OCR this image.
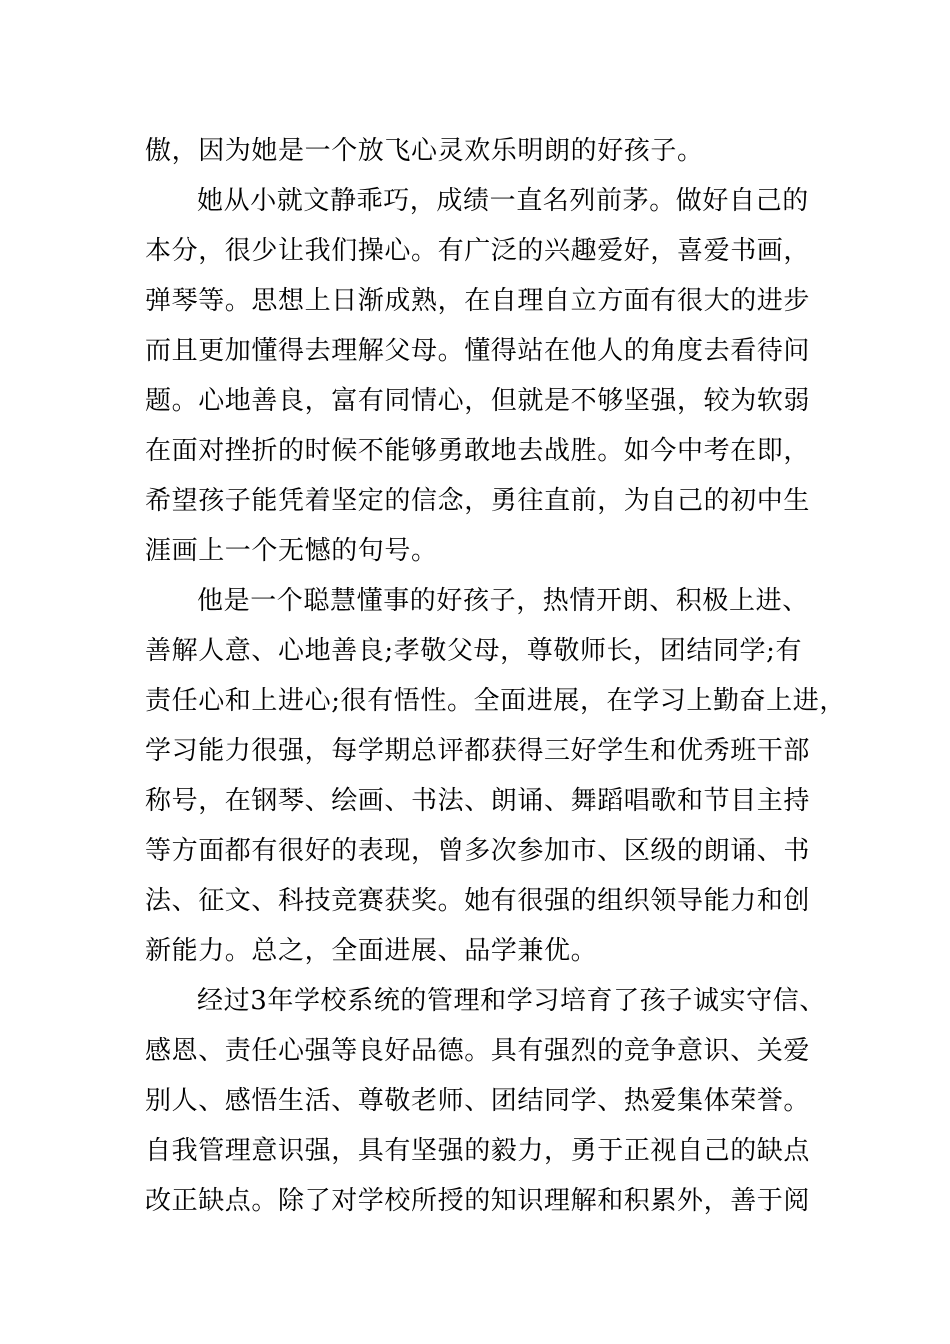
傲，因为她是一个放飞心灵欢乐明朗的好孩子。
她从小就文静乖巧，成绩一直名列前茅。做好自己的
本分，很少让我们操心。有广泛的兴趣爱好，喜爱书画，
弹琴等。思想上日渐成熟，在自理自立方面有很大的进步
而且更加懂得去理解父母。懂得站在他人的角度去看待问
题。心地善良，富有同情心，但就是不够坚强，较为软弱
在面对挫折的时候不能够勇敢地去战胜。如今中考在即，
希望孩子能凭着坚定的信念，勇往直前，为自己的初中生
涯画上一个无憾的句号。
他是一个聪慧懂事的好孩子，热情开朗、积极上进、
善解人意、心地善良;孝敬父母，尊敬师长，团结同学;有
责任心和上进心;很有悟性。全面进展，在学习上勤奋上进，
学习能力很强，每学期总评都获得三好学生和优秀班干部
称号，在钢琴、绘画、书法、朗诵、舞蹈唱歌和节目主持
等方面都有很好的表现，曾多次参加市、区级的朗诵、书
法、征文、科技竞赛获奖。她有很强的组织领导能力和创
新能力。总之，全面进展、品学兼优。
经过3年学校系统的管理和学习培育了孩子诚实守信、
感恩、责任心强等良好品德。具有强烈的竞争意识、关爱
别人、感悟生活、尊敬老师、团结同学、热爱集体荣誉。
自我管理意识强，具有坚强的毅力，勇于正视自己的缺点
改正缺点。除了对学校所授的知识理解和积累外，善于阅
